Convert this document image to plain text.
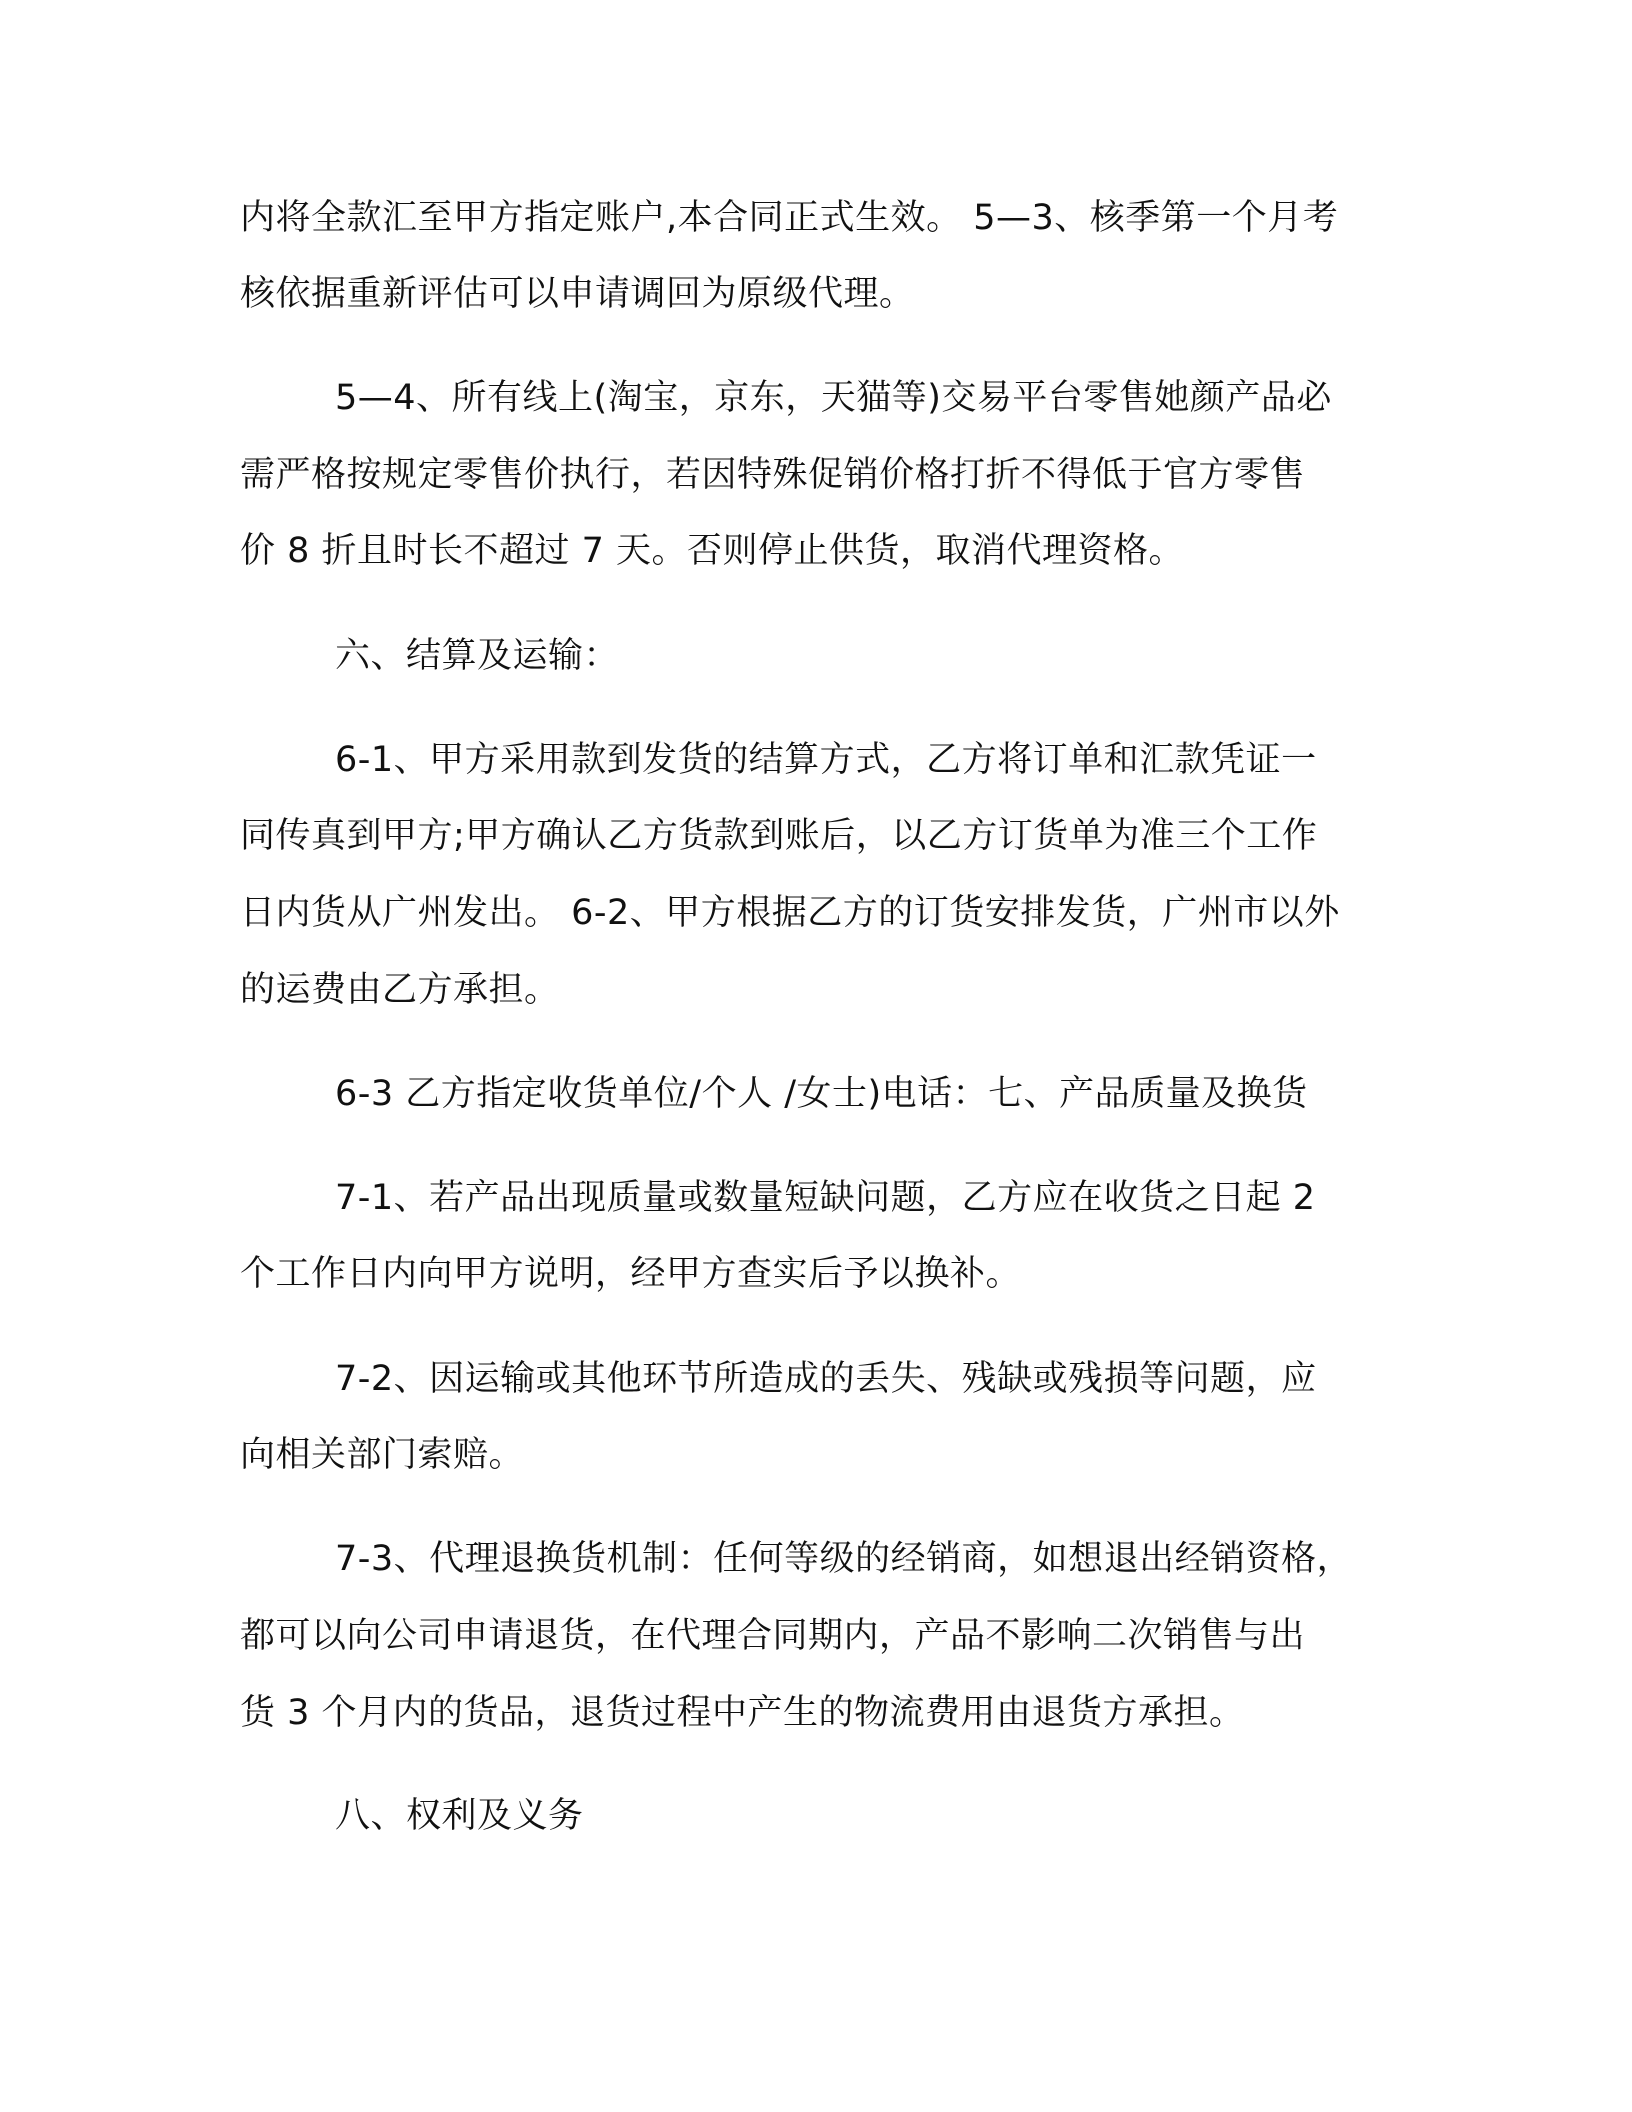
内将全款汇至甲方指定账户,本合同正式生效。 5—3、核季第一个月考
核依据重新评估可以申请调回为原级代理。
5—4、所有线上(淘宝，京东，天猫等)交易平台零售她颜产品必
需严格按规定零售价执行，若因特殊促销价格打折不得低于官方零售
价 8 折且时长不超过 7 天。否则停止供货，取消代理资格。
六、结算及运输：
6-1、甲方采用款到发货的结算方式，乙方将订单和汇款凭证一
同传真到甲方;甲方确认乙方货款到账后，以乙方订货单为准三个工作
日内货从广州发出。 6-2、甲方根据乙方的订货安排发货，广州市以外
的运费由乙方承担。
6-3 乙方指定收货单位/个人 /女士)电话：七、产品质量及换货
7-1、若产品出现质量或数量短缺问题，乙方应在收货之日起 2
个工作日内向甲方说明，经甲方查实后予以换补。
7-2、因运输或其他环节所造成的丢失、残缺或残损等问题，应
向相关部门索赔。
7-3、代理退换货机制：任何等级的经销商，如想退出经销资格，
都可以向公司申请退货，在代理合同期内，产品不影响二次销售与出
货 3 个月内的货品，退货过程中产生的物流费用由退货方承担。
八、权利及义务
